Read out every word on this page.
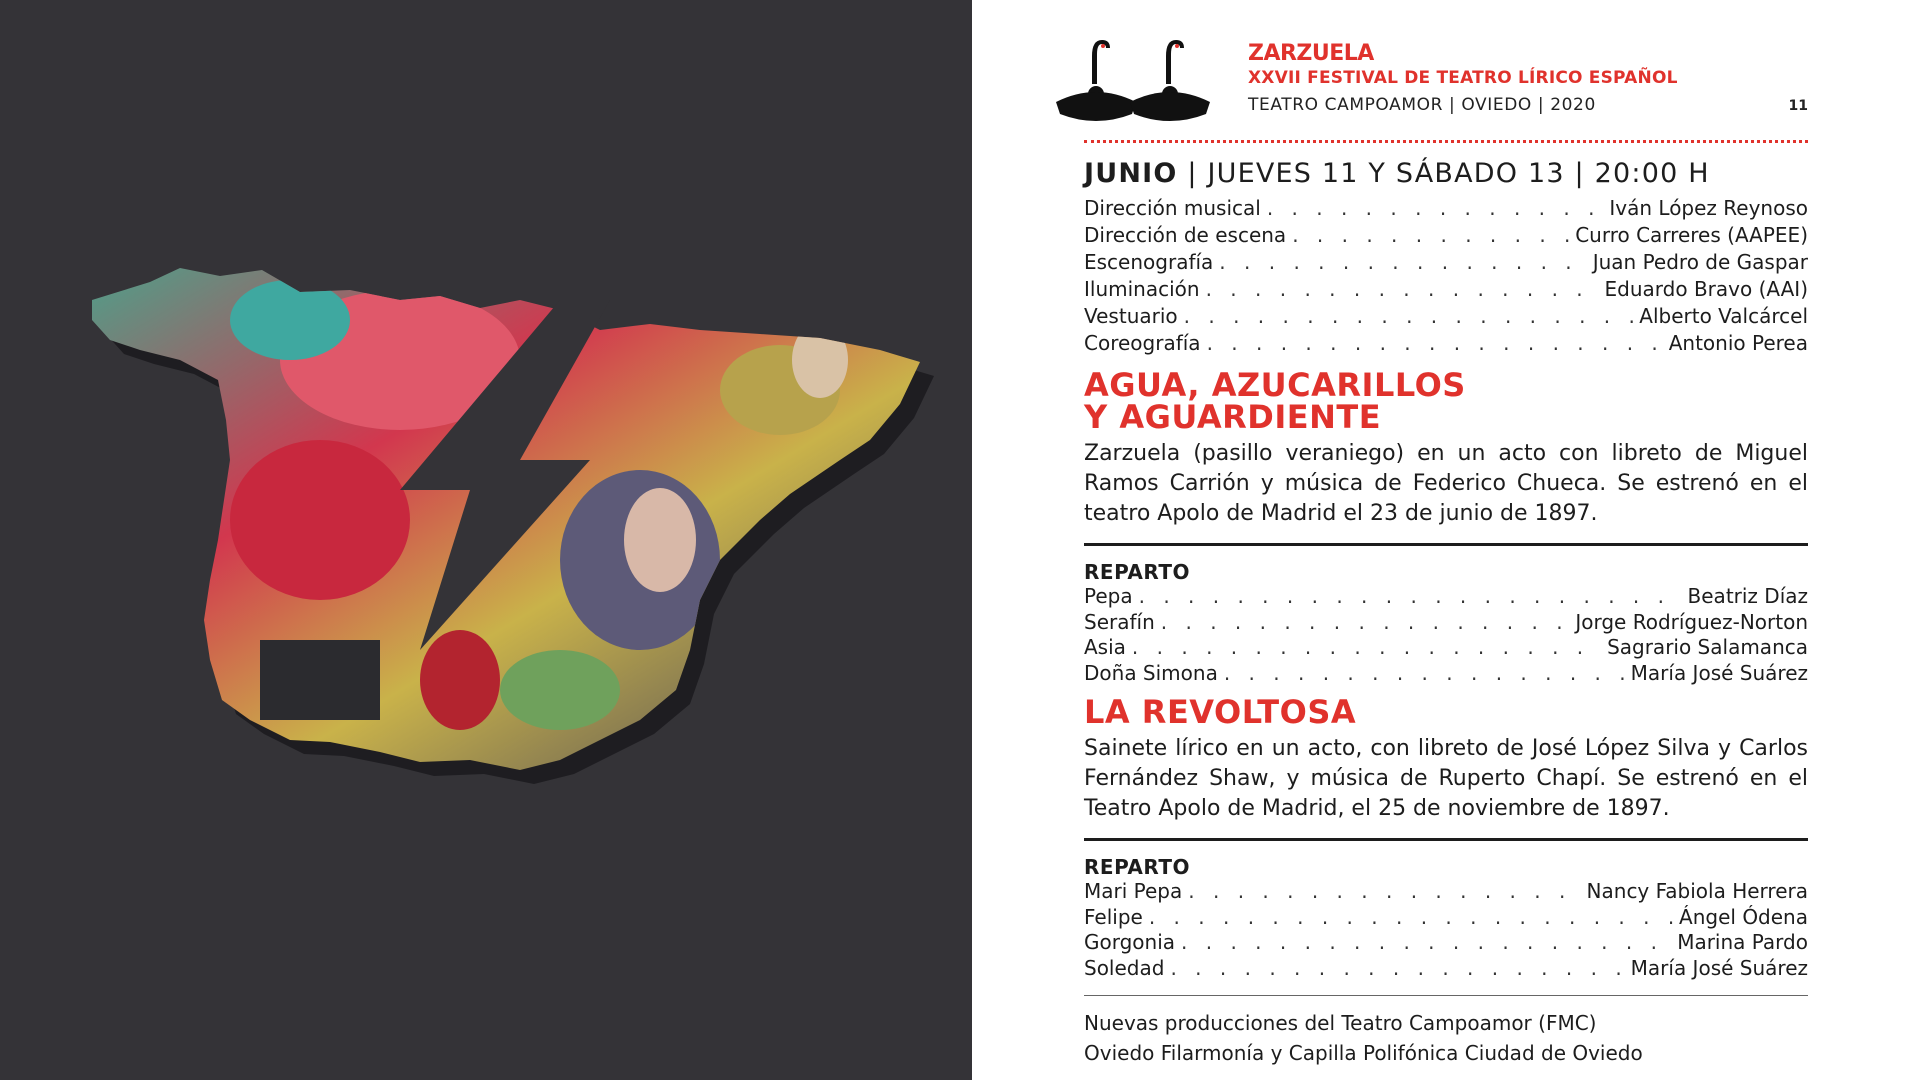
ZARZUELA
XXVII FESTIVAL DE TEATRO LÍRICO ESPAÑOL
TEATRO CAMPOAMOR | OVIEDO | 2020	11
JUNIO | JUEVES 11 Y SÁBADO 13 | 20:00 H
Dirección musical . . .	Iván López Reynoso
Dirección de escena . . .	Curro Carreres (AAPEE)
Escenografía . . .	Juan Pedro de Gaspar
Iluminación . . .	Eduardo Bravo (AAI)
Vestuario . . .	Alberto Valcárcel
Coreografía . . .	Antonio Perea
AGUA, AZUCARILLOS
Y AGUARDIENTE
Zarzuela (pasillo veraniego) en un acto con libreto de Miguel Ramos Carrión y música de Federico Chueca. Se estrenó en el teatro Apolo de Madrid el 23 de junio de 1897.
REPARTO
Pepa . . .	Beatriz Díaz
Serafín . . .	Jorge Rodríguez-Norton
Asia . . .	Sagrario Salamanca
Doña Simona . . .	María José Suárez
LA REVOLTOSA
Sainete lírico en un acto, con libreto de José López Silva y Carlos Fernández Shaw, y música de Ruperto Chapí. Se estrenó en el Teatro Apolo de Madrid, el 25 de noviembre de 1897.
REPARTO
Mari Pepa . . .	Nancy Fabiola Herrera
Felipe . . .	Ángel Ódena
Gorgonia . . .	Marina Pardo
Soledad . . .	María José Suárez
Nuevas producciones del Teatro Campoamor (FMC)
Oviedo Filarmonía y Capilla Polifónica Ciudad de Oviedo
